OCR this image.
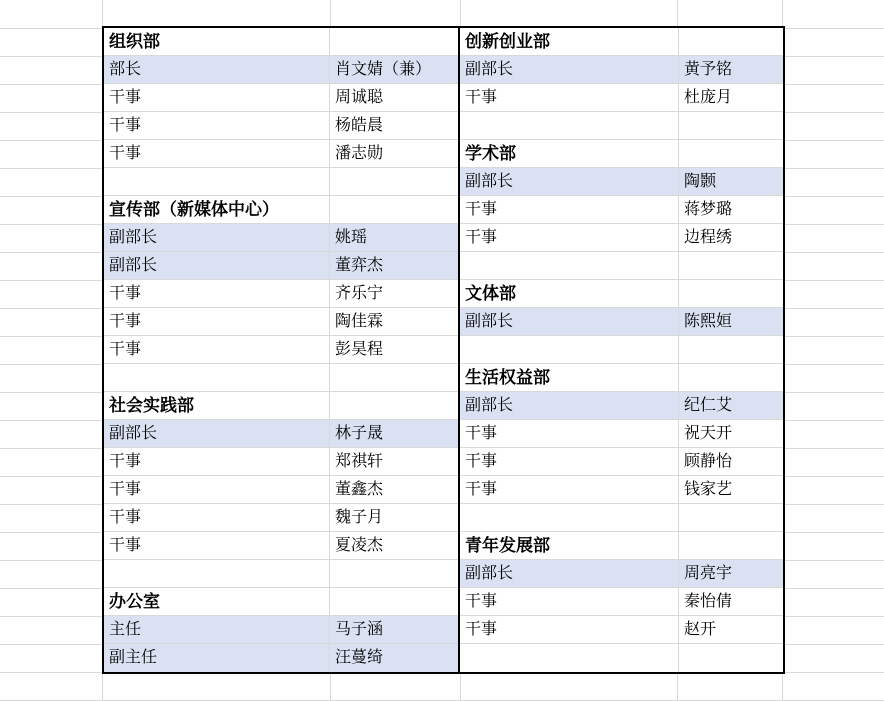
组织部
部长	肖文婧（兼）
干事	周诚聪
干事	杨皓晨
干事	潘志勋
宣传部（新媒体中心）
副部长	姚瑶
副部长	董弈杰
干事	齐乐宁
干事	陶佳霖
干事	彭昊程
社会实践部
副部长	林子晟
干事	郑祺轩
干事	董鑫杰
干事	魏子月
干事	夏凌杰
办公室
主任	马子涵
副主任	汪蔓绮
创新创业部
副部长	黄予铭
干事	杜庞月
学术部
副部长	陶颢
干事	蒋梦璐
干事	边程绣
文体部
副部长	陈熙姮
生活权益部
副部长	纪仁艾
干事	祝天开
干事	顾静怡
干事	钱家艺
青年发展部
副部长	周亮宇
干事	秦怡倩
干事	赵开
